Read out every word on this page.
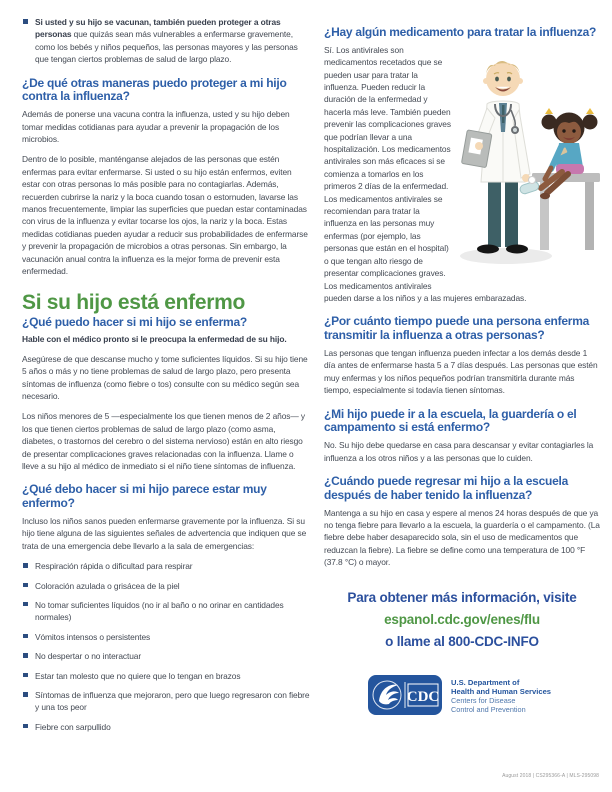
Si usted y su hijo se vacunan, también pueden proteger a otras personas que quizás sean más vulnerables a enfermarse gravemente, como los bebés y niños pequeños, las personas mayores y las personas que tengan ciertos problemas de salud de largo plazo.
¿De qué otras maneras puedo proteger a mi hijo contra la influenza?

Además de ponerse una vacuna contra la influenza, usted y su hijo deben tomar medidas cotidianas para ayudar a prevenir la propagación de los microbios.

Dentro de lo posible, manténganse alejados de las personas que estén enfermas para evitar enfermarse. Si usted o su hijo están enfermos, eviten estar con otras personas lo más posible para no contagiarlas. Además, recuerden cubrirse la nariz y la boca cuando tosan o estornuden, lavarse las manos frecuentemente, limpiar las superficies que puedan estar contaminadas con virus de la influenza y evitar tocarse los ojos, la nariz y la boca. Estas medidas cotidianas pueden ayudar a reducir sus probabilidades de enfermarse y prevenir la propagación de microbios a otras personas. Sin embargo, la vacunación anual contra la influenza es la mejor forma de prevenir esta enfermedad.

Si su hijo está enfermo
¿Qué puedo hacer si mi hijo se enferma?
Hable con el médico pronto si le preocupa la enfermedad de su hijo.

Asegúrese de que descanse mucho y tome suficientes líquidos. Si su hijo tiene 5 años o más y no tiene problemas de salud de largo plazo, pero presenta síntomas de influenza (como fiebre o tos) consulte con su médico según sea necesario.

Los niños menores de 5 —especialmente los que tienen menos de 2 años— y los que tienen ciertos problemas de salud de largo plazo (como asma, diabetes, o trastornos del cerebro o del sistema nervioso) están en alto riesgo de presentar complicaciones graves relacionadas con la influenza. Llame o lleve a su hijo al médico de inmediato si el niño tiene síntomas de influenza.

¿Qué debo hacer si mi hijo parece estar muy enfermo?

Incluso los niños sanos pueden enfermarse gravemente por la influenza. Si su hijo tiene alguna de las siguientes señales de advertencia que indiquen que se trata de una emergencia debe llevarlo a la sala de emergencias:

Respiración rápida o dificultad para respirar
Coloración azulada o grisácea de la piel
No tomar suficientes líquidos (no ir al baño o no orinar en cantidades normales)
Vómitos intensos o persistentes
No despertar o no interactuar
Estar tan molesto que no quiere que lo tengan en brazos
Síntomas de influenza que mejoraron, pero que luego regresaron con fiebre y una tos peor
Fiebre con sarpullido
¿Hay algún medicamento para tratar la influenza?

Sí. Los antivirales son medicamentos recetados que se pueden usar para tratar la influenza. Pueden reducir la duración de la enfermedad y hacerla más leve. También pueden prevenir las complicaciones graves que podrían llevar a una hospitalización. Los medicamentos antivirales son más eficaces si se comienza a tomarlos en los primeros 2 días de la enfermedad. Los medicamentos antivirales se recomiendan para tratar la influenza en las personas muy enfermas (por ejemplo, las personas que están en el hospital) o que tengan alto riesgo de presentar complicaciones graves. Los medicamentos antivirales pueden darse a los niños y a las mujeres embarazadas.

¿Por cuánto tiempo puede una persona enferma transmitir la influenza a otras personas?

Las personas que tengan influenza pueden infectar a los demás desde 1 día antes de enfermarse hasta 5 a 7 días después. Las personas que estén muy enfermas y los niños pequeños podrían transmitirla durante más tiempo, especialmente si todavía tienen síntomas.

¿Mi hijo puede ir a la escuela, la guardería o el campamento si está enfermo?

No. Su hijo debe quedarse en casa para descansar y evitar contagiarles la influenza a los otros niños y a las personas que lo cuiden.

¿Cuándo puede regresar mi hijo a la escuela después de haber tenido la influenza?

Mantenga a su hijo en casa y espere al menos 24 horas después de que ya no tenga fiebre para llevarlo a la escuela, la guardería o el campamento. (La fiebre debe haber desaparecido sola, sin el uso de medicamentos que reduzcan la fiebre). La fiebre se define como una temperatura de 100 °F (37.8 °C) o mayor.

Para obtener más información, visite
espanol.cdc.gov/enes/flu
o llame al 800-CDC-INFO
CDC
U.S. Department of
Health and Human Services
Centers for Disease
Control and Prevention
August 2018 | CS295366-A | MLS-295098
